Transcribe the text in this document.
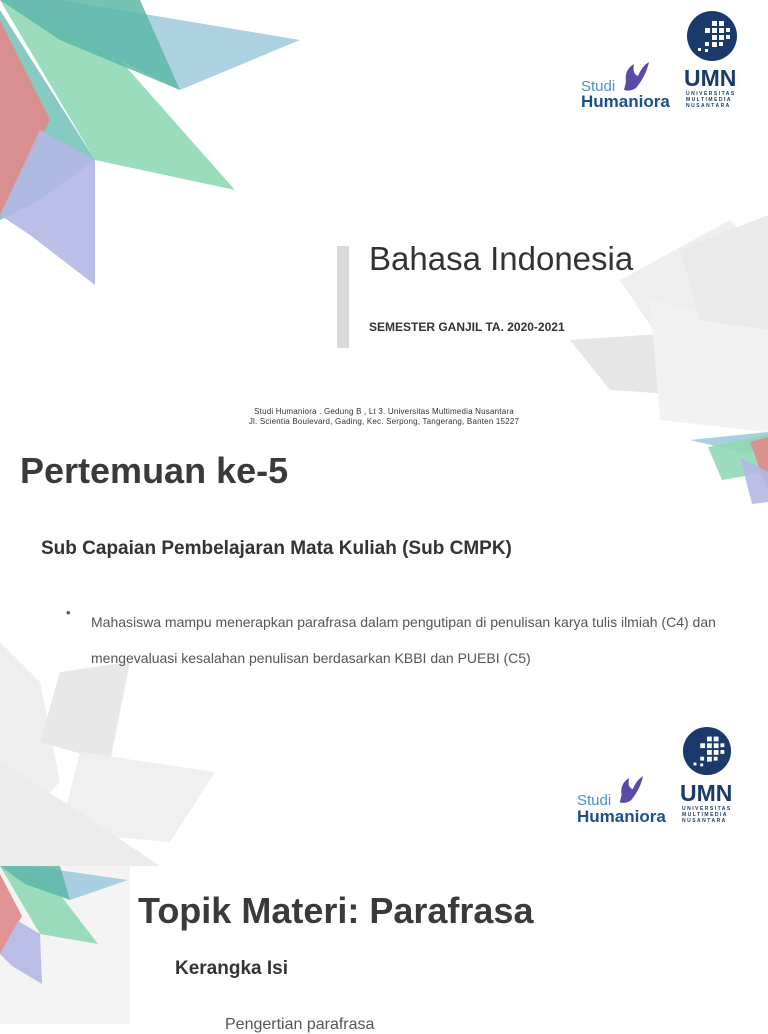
Studi
Humaniora
UMN
UNIVERSITAS
MULTIMEDIA
NUSANTARA
Bahasa Indonesia
SEMESTER GANJIL TA. 2020-2021
Studi Humaniora . Gedung B , Lt 3. Universitas Multimedia Nusantara
Jl. Scientia Boulevard, Gading, Kec. Serpong, Tangerang, Banten 15227
Studi
Humaniora
UMN
UNIVERSITAS
MULTIMEDIA
NUSANTARA
Pertemuan ke-5
Sub Capaian Pembelajaran Mata Kuliah (Sub CMPK)
•
Mahasiswa mampu menerapkan parafrasa dalam pengutipan di penulisan karya tulis ilmiah (C4) dan mengevaluasi kesalahan penulisan berdasarkan KBBI dan PUEBI (C5)
Topik Materi: Parafrasa
Kerangka Isi
Pengertian parafrasa
